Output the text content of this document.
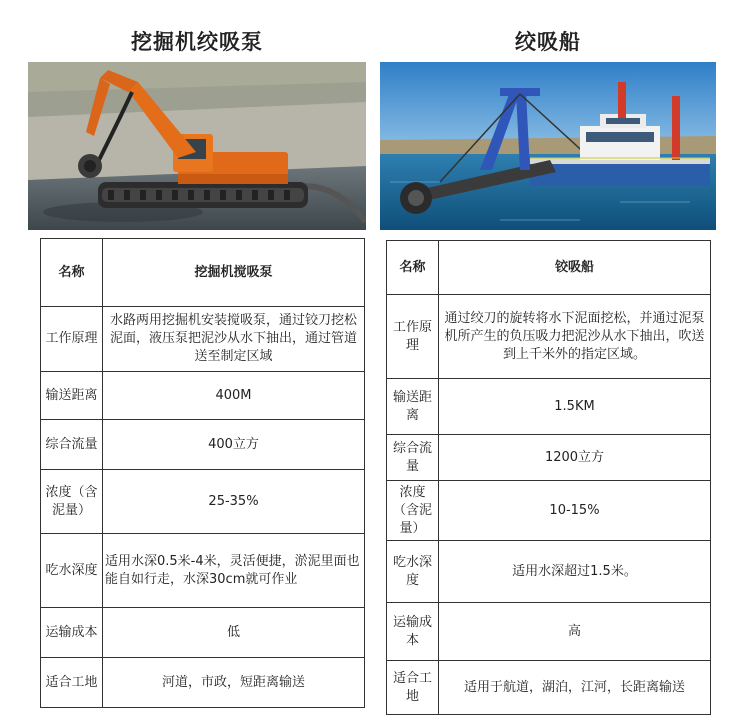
挖掘机绞吸泵
名称	挖掘机搅吸泵
工作原理	水路两用挖掘机安装搅吸泵，通过铰刀挖松泥面，液压泵把泥沙从水下抽出，通过管道送至制定区域
输送距离	400M
综合流量	400立方
浓度（含泥量）	25-35%
吃水深度	适用水深0.5米-4米，灵活便捷，淤泥里面也能自如行走，水深30cm就可作业
运输成本	低
适合工地	河道，市政，短距离输送
绞吸船
名称	铰吸船
工作原理	通过绞刀的旋转将水下泥面挖松，并通过泥泵机所产生的负压吸力把泥沙从水下抽出，吹送到上千米外的指定区域。
输送距离	1.5KM
综合流量	1200立方
浓度（含泥量）	10-15%
吃水深度	适用水深超过1.5米。
运输成本	高
适合工地	适用于航道，湖泊，江河，长距离输送
